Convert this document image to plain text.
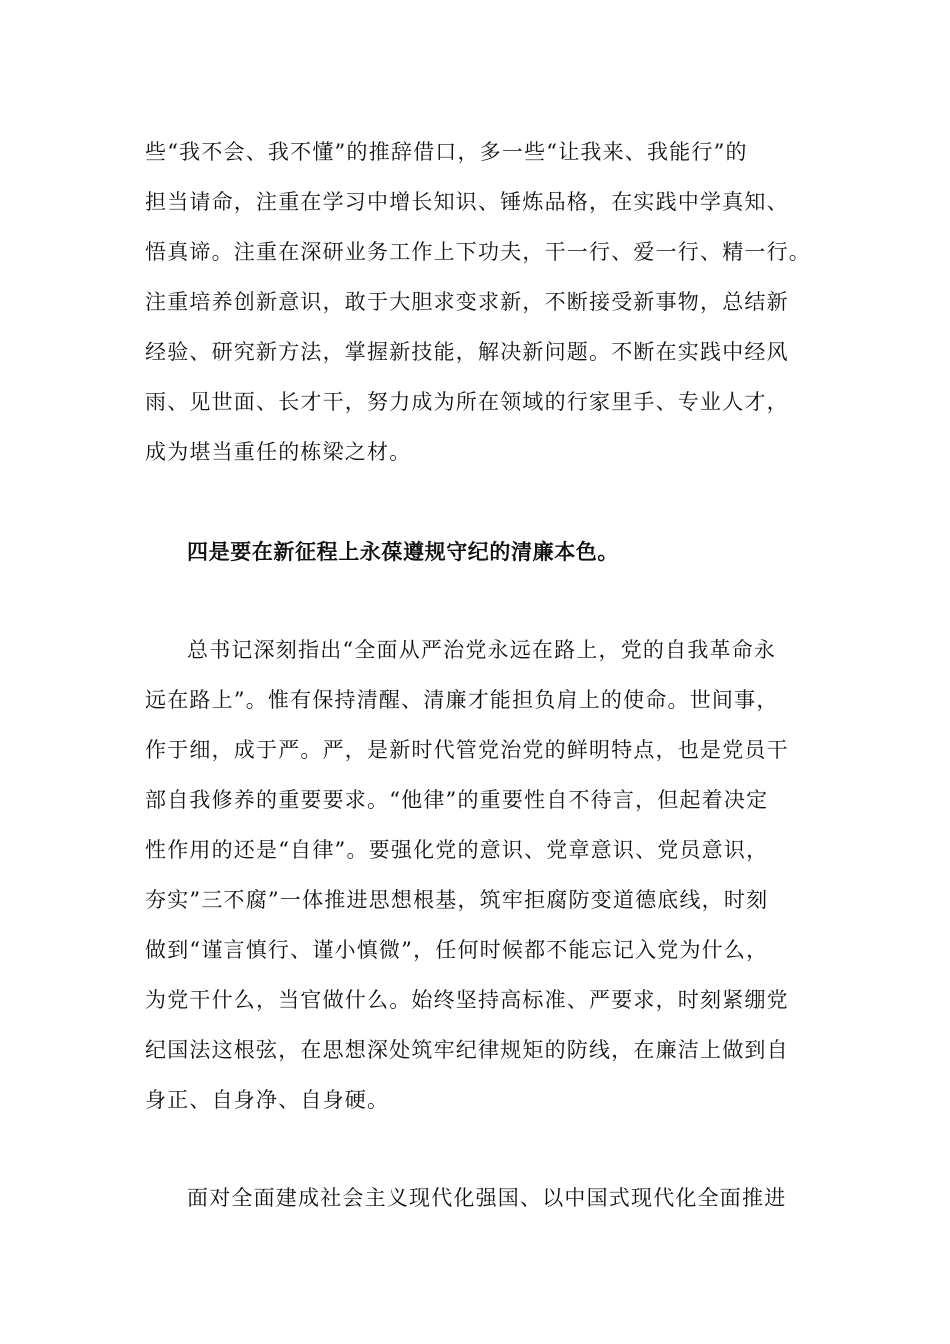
些“我不会、我不懂”的推辞借口，多一些“让我来、我能行”的
担当请命，注重在学习中增长知识、锤炼品格，在实践中学真知、
悟真谛。注重在深研业务工作上下功夫，干一行、爱一行、精一行。
注重培养创新意识，敢于大胆求变求新，不断接受新事物，总结新
经验、研究新方法，掌握新技能，解决新问题。不断在实践中经风
雨、见世面、长才干，努力成为所在领域的行家里手、专业人才，
成为堪当重任的栋梁之材。
四是要在新征程上永葆遵规守纪的清廉本色。
总书记深刻指出“全面从严治党永远在路上，党的自我革命永
远在路上”。惟有保持清醒、清廉才能担负肩上的使命。世间事，
作于细，成于严。严，是新时代管党治党的鲜明特点，也是党员干
部自我修养的重要要求。“他律”的重要性自不待言，但起着决定
性作用的还是“自律”。要强化党的意识、党章意识、党员意识，
夯实”三不腐”一体推进思想根基，筑牢拒腐防变道德底线，时刻
做到“谨言慎行、谨小慎微”，任何时候都不能忘记入党为什么，
为党干什么，当官做什么。始终坚持高标准、严要求，时刻紧绷党
纪国法这根弦，在思想深处筑牢纪律规矩的防线，在廉洁上做到自
身正、自身净、自身硬。
面对全面建成社会主义现代化强国、以中国式现代化全面推进
